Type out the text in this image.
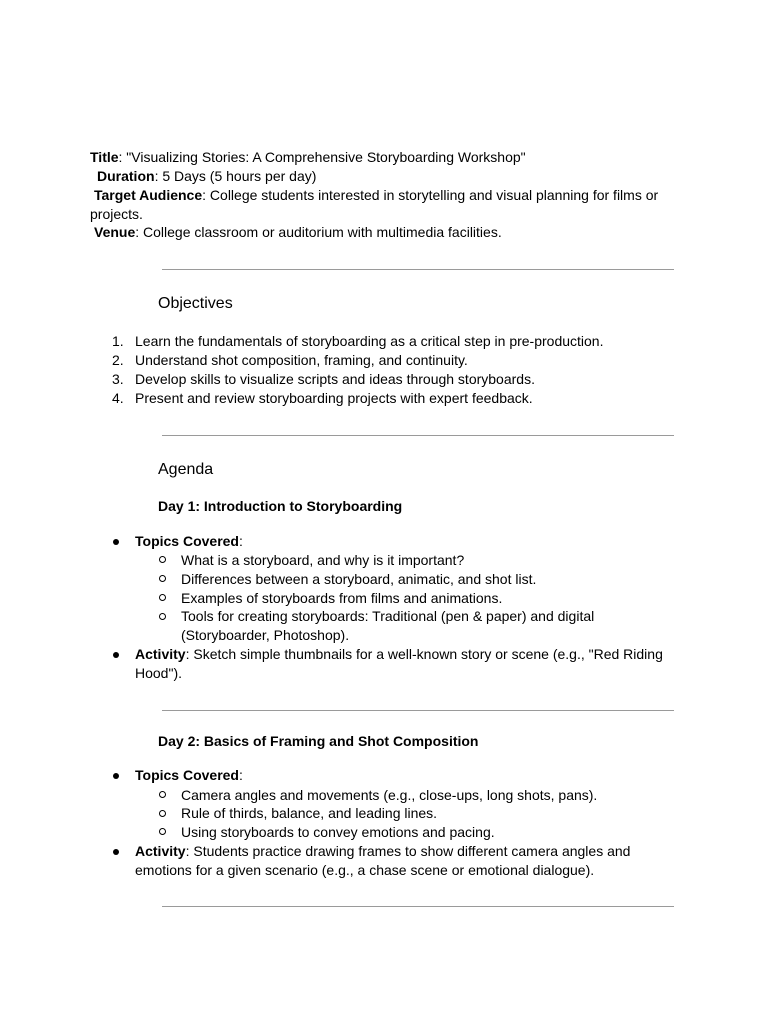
Title: "Visualizing Stories: A Comprehensive Storyboarding Workshop"
Duration: 5 Days (5 hours per day)
Target Audience: College students interested in storytelling and visual planning for films or
projects.
Venue: College classroom or auditorium with multimedia facilities.
Objectives
1. Learn the fundamentals of storyboarding as a critical step in pre-production.
2. Understand shot composition, framing, and continuity.
3. Develop skills to visualize scripts and ideas through storyboards.
4. Present and review storyboarding projects with expert feedback.
Agenda
Day 1: Introduction to Storyboarding
Topics Covered:
What is a storyboard, and why is it important?
Differences between a storyboard, animatic, and shot list.
Examples of storyboards from films and animations.
Tools for creating storyboards: Traditional (pen & paper) and digital
(Storyboarder, Photoshop).
Activity: Sketch simple thumbnails for a well-known story or scene (e.g., "Red Riding
Hood").
Day 2: Basics of Framing and Shot Composition
Topics Covered:
Camera angles and movements (e.g., close-ups, long shots, pans).
Rule of thirds, balance, and leading lines.
Using storyboards to convey emotions and pacing.
Activity: Students practice drawing frames to show different camera angles and
emotions for a given scenario (e.g., a chase scene or emotional dialogue).
